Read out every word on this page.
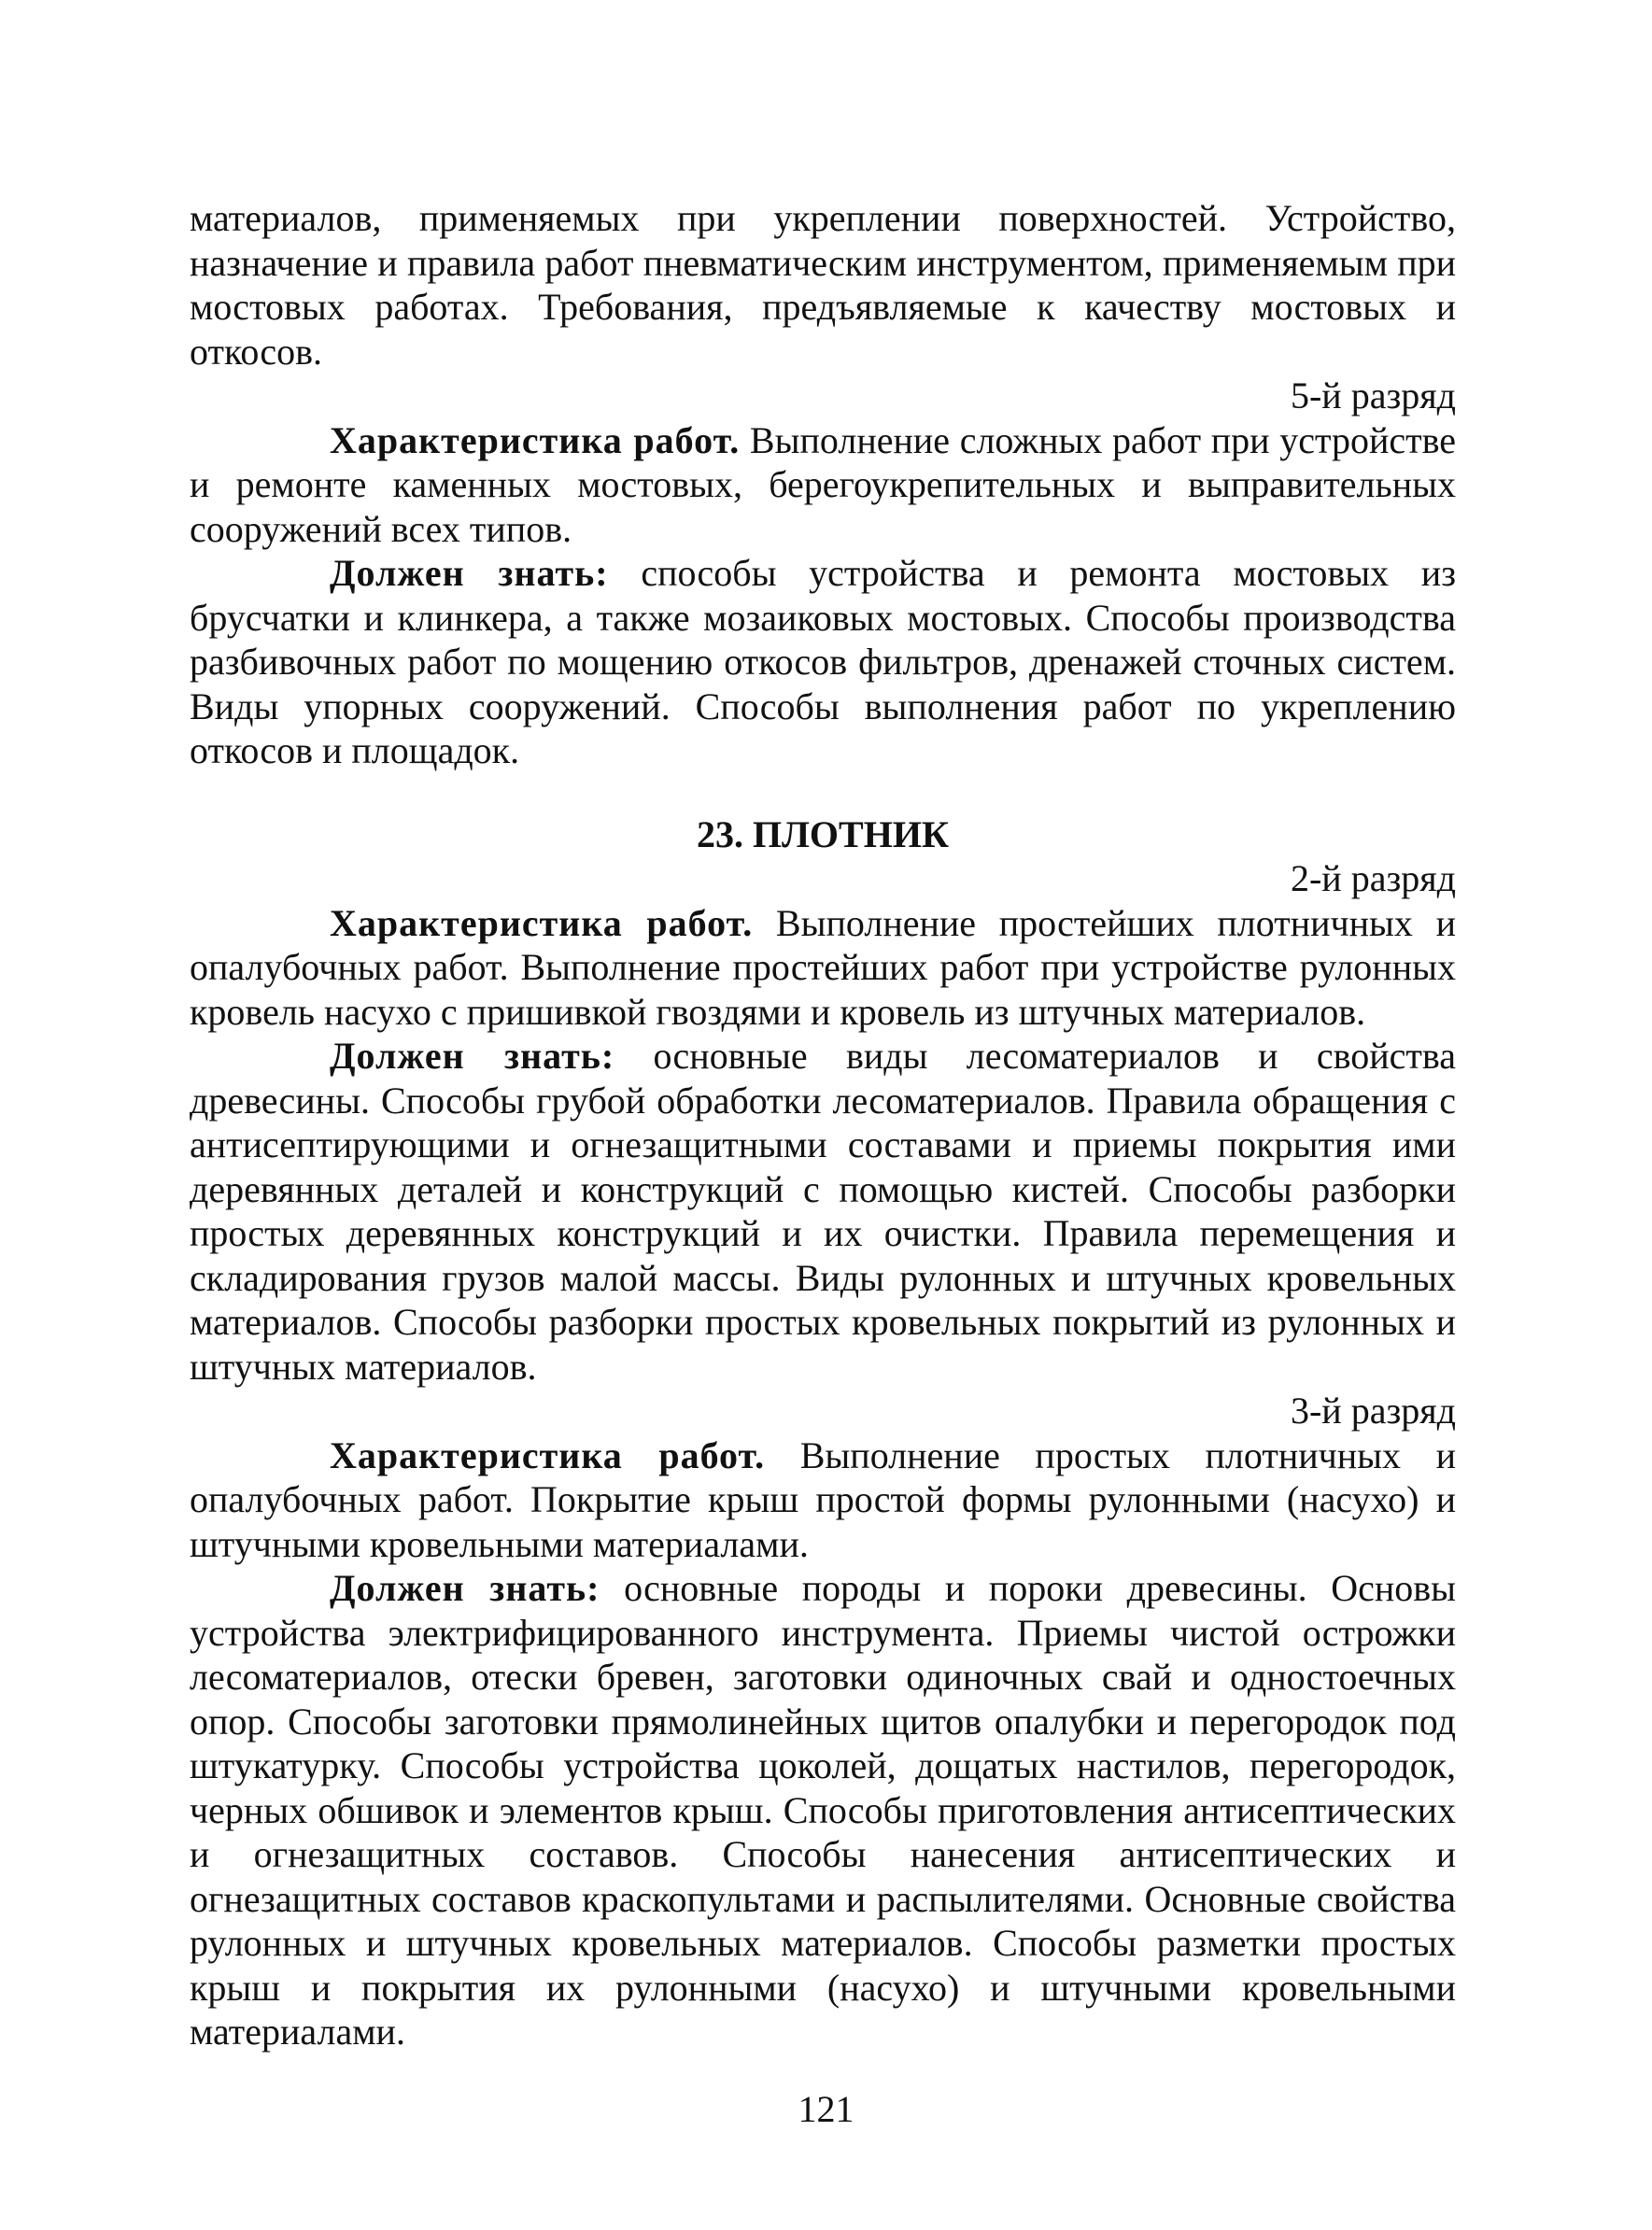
материалов, применяемых при укреплении поверхностей. Устройство, назначение и правила работ пневматическим инструментом, применяемым при мостовых работах. Требования, предъявляемые к качеству мостовых и откосов.

5-й разряд

Характеристика работ. Выполнение сложных работ при устройстве и ремонте каменных мостовых, берегоукрепительных и выправительных сооружений всех типов.

Должен знать: способы устройства и ремонта мостовых из брусчатки и клинкера, а также мозаиковых мостовых. Способы производства разбивочных работ по мощению откосов фильтров, дренажей сточных систем. Виды упорных сооружений. Способы выполнения работ по укреплению откосов и площадок.

23. ПЛОТНИК

2-й разряд

Характеристика работ. Выполнение простейших плотничных и опалубочных работ. Выполнение простейших работ при устройстве рулонных кровель насухо с пришивкой гвоздями и кровель из штучных материалов.

Должен знать: основные виды лесоматериалов и свойства древесины. Способы грубой обработки лесоматериалов. Правила обращения с антисептирующими и огнезащитными составами и приемы покрытия ими деревянных деталей и конструкций с помощью кистей. Способы разборки простых деревянных конструкций и их очистки. Правила перемещения и складирования грузов малой массы. Виды рулонных и штучных кровельных материалов. Способы разборки простых кровельных покрытий из рулонных и штучных материалов.

3-й разряд

Характеристика работ. Выполнение простых плотничных и опалубочных работ. Покрытие крыш простой формы рулонными (насухо) и штучными кровельными материалами.

Должен знать: основные породы и пороки древесины. Основы устройства электрифицированного инструмента. Приемы чистой острожки лесоматериалов, отески бревен, заготовки одиночных свай и одностоечных опор. Способы заготовки прямолинейных щитов опалубки и перегородок под штукатурку. Способы устройства цоколей, дощатых настилов, перегородок, черных обшивок и элементов крыш. Способы приготовления антисептических и огнезащитных составов. Способы нанесения антисептических и огнезащитных составов краскопультами и распылителями. Основные свойства рулонных и штучных кровельных материалов. Способы разметки простых крыш и покрытия их рулонными (насухо) и штучными кровельными материалами.

121
